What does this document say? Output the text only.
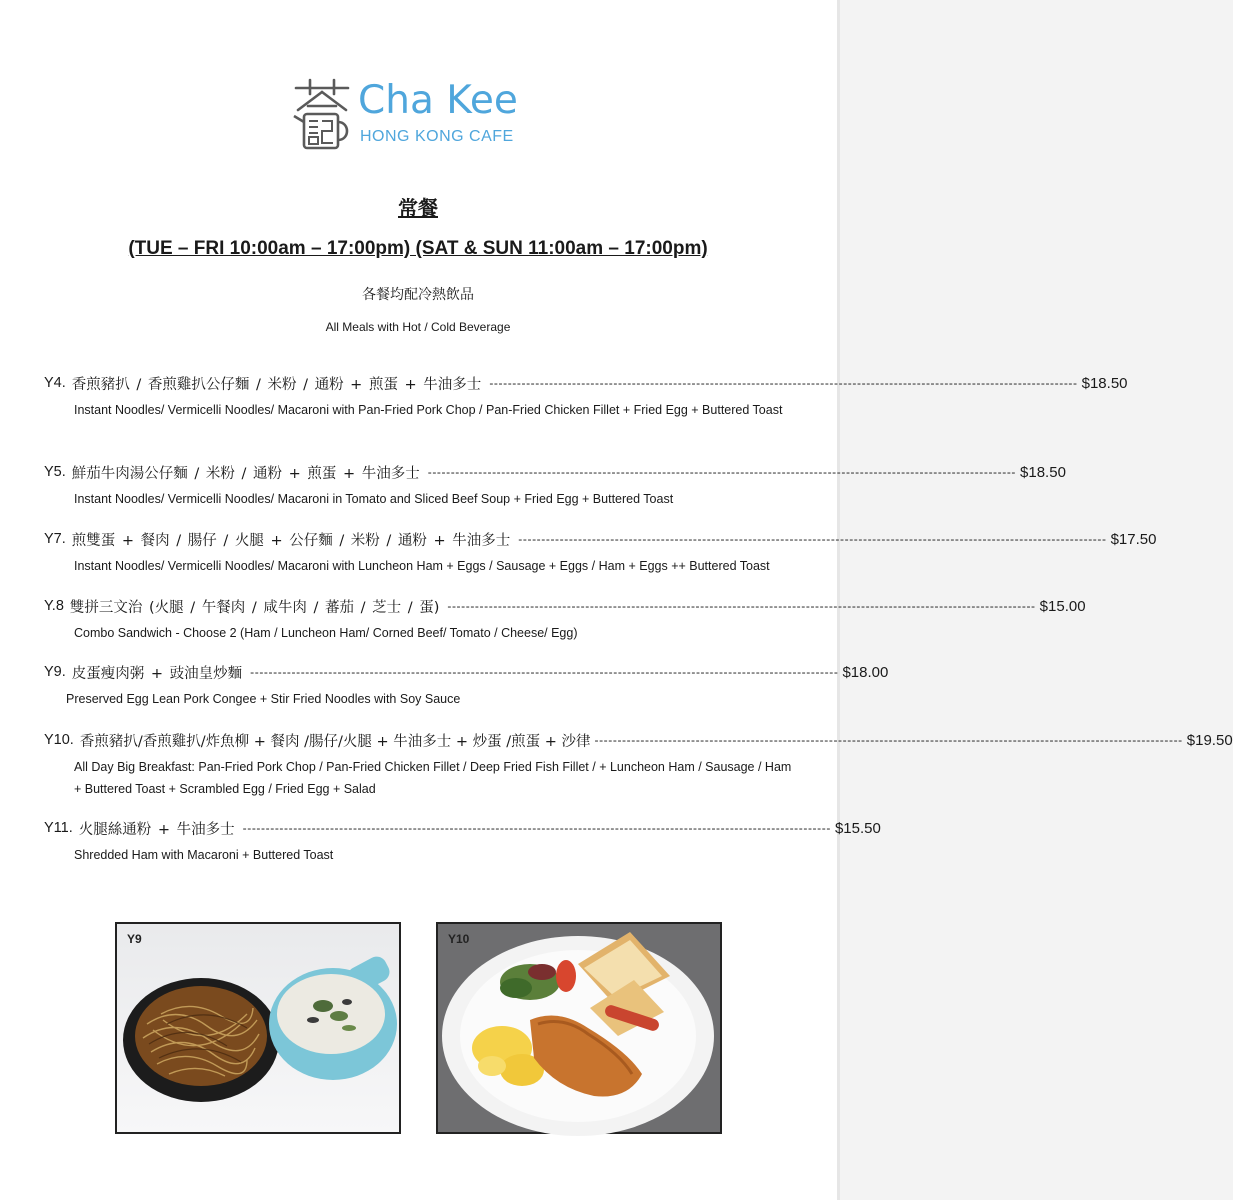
Cha Kee
HONG KONG CAFE
常餐
(TUE – FRI 10:00am – 17:00pm) (SAT & SUN 11:00am – 17:00pm)
各餐均配冷熱飲品
All Meals with Hot / Cold Beverage
Y4. 香煎豬扒 / 香煎雞扒公仔麵 / 米粉 / 通粉 + 煎蛋 + 牛油多士 -------------------------------------------------------------------------------------------------------------------------------- $18.50
Instant Noodles/ Vermicelli Noodles/ Macaroni with Pan-Fried Pork Chop / Pan-Fried Chicken Fillet + Fried Egg + Buttered Toast
Y5. 鮮茄牛肉湯公仔麵 / 米粉 / 通粉 + 煎蛋 + 牛油多士 -------------------------------------------------------------------------------------------------------------------------------- $18.50
Instant Noodles/ Vermicelli Noodles/ Macaroni in Tomato and Sliced Beef Soup + Fried Egg + Buttered Toast
Y7. 煎雙蛋 + 餐肉 / 腸仔 / 火腿 + 公仔麵 / 米粉 / 通粉 + 牛油多士 -------------------------------------------------------------------------------------------------------------------------------- $17.50
Instant Noodles/ Vermicelli Noodles/ Macaroni with Luncheon Ham + Eggs / Sausage + Eggs / Ham + Eggs ++ Buttered Toast
Y.8 雙拼三文治 (火腿 / 午餐肉 / 咸牛肉 / 蕃茄 / 芝士 / 蛋) -------------------------------------------------------------------------------------------------------------------------------- $15.00
Combo Sandwich - Choose 2 (Ham / Luncheon Ham/ Corned Beef/ Tomato / Cheese/ Egg)
Y9. 皮蛋瘦肉粥 + 豉油皇炒麵 -------------------------------------------------------------------------------------------------------------------------------- $18.00
Preserved Egg Lean Pork Congee + Stir Fried Noodles with Soy Sauce
Y10. 香煎豬扒/香煎雞扒/炸魚柳 + 餐肉 /腸仔/火腿 + 牛油多士 + 炒蛋 /煎蛋 + 沙律 -------------------------------------------------------------------------------------------------------------------------------- $19.50
All Day Big Breakfast: Pan-Fried Pork Chop / Pan-Fried Chicken Fillet / Deep Fried Fish Fillet / + Luncheon Ham / Sausage / Ham + Buttered Toast + Scrambled Egg / Fried Egg + Salad
Y11. 火腿絲通粉 + 牛油多士 -------------------------------------------------------------------------------------------------------------------------------- $15.50
Shredded Ham with Macaroni + Buttered Toast
Y9	Y10
